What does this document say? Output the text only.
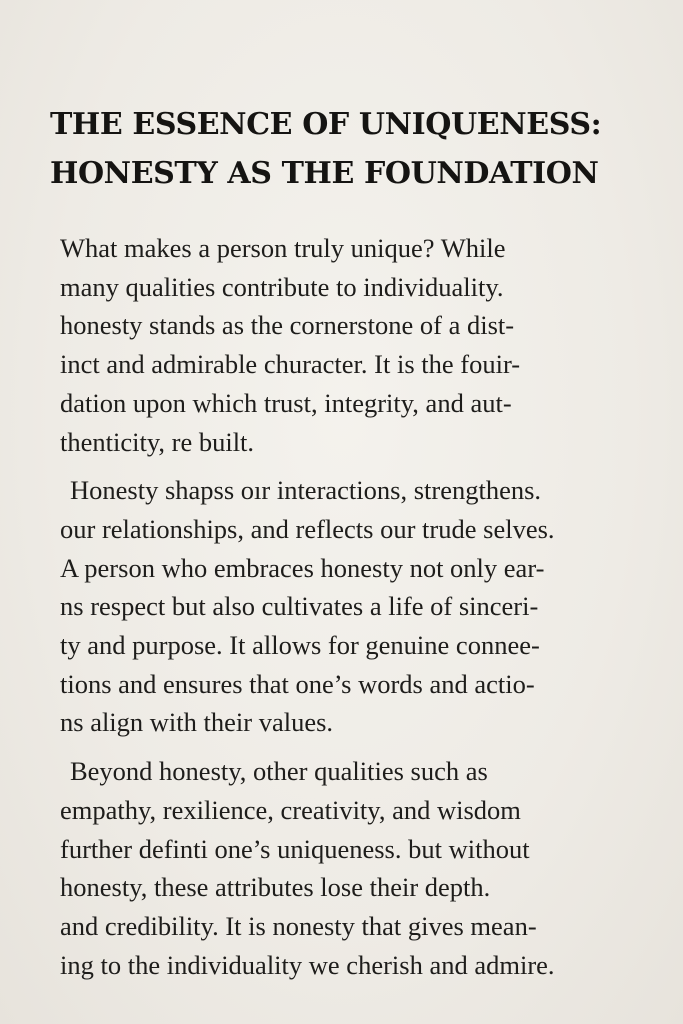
THE ESSENCE OF UNIQUENESS:
HONESTY AS THE FOUNDATION

What makes a person truly unique? While
many qualities contribute to individuality.
honesty stands as the cornerstone of a dist-
inct and admirable churacter. It is the fouir-
dation upon which trust, integrity, and aut-
thenticity, re built.

Honesty shapss oır interactions, strengthens.
our relationships, and reflects our trude selves.
A person who embraces honesty not only ear-
ns respect but also cultivates a life of sinceri-
ty and purpose. It allows for genuine connee-
tions and ensures that one’s words and actio-
ns align with their values.

Beyond honesty, other qualities such as
empathy, rexilience, creativity, and wisdom
further definti one’s uniqueness. but without
honesty, these attributes lose their depth.
and credibility. It is nonesty that gives mean-
ing to the individuality we cherish and admire.
